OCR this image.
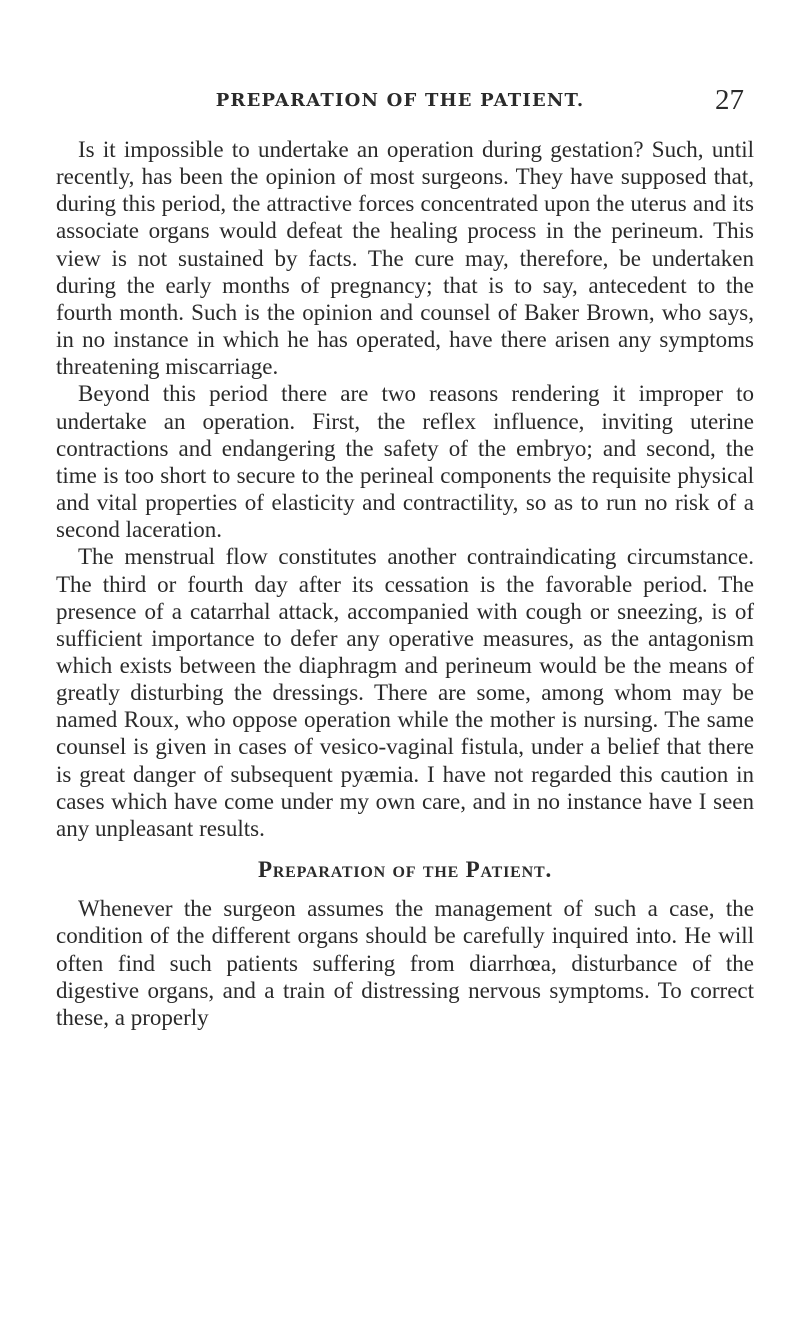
PREPARATION OF THE PATIENT.	27

Is it impossible to undertake an operation during gestation? Such, until recently, has been the opinion of most surgeons. They have supposed that, during this period, the attractive forces concentrated upon the uterus and its associate organs would defeat the healing process in the perineum. This view is not sustained by facts. The cure may, therefore, be undertaken during the early months of pregnancy; that is to say, antecedent to the fourth month. Such is the opinion and counsel of Baker Brown, who says, in no instance in which he has operated, have there arisen any symptoms threatening miscarriage.

Beyond this period there are two reasons rendering it improper to undertake an operation. First, the reflex influence, inviting uterine contractions and endangering the safety of the embryo; and second, the time is too short to secure to the perineal components the requisite physical and vital properties of elasticity and contractility, so as to run no risk of a second laceration.

The menstrual flow constitutes another contraindicating circumstance. The third or fourth day after its cessation is the favorable period. The presence of a catarrhal attack, accompanied with cough or sneezing, is of sufficient importance to defer any operative measures, as the antagonism which exists between the diaphragm and perineum would be the means of greatly disturbing the dressings. There are some, among whom may be named Roux, who oppose operation while the mother is nursing. The same counsel is given in cases of vesico-vaginal fistula, under a belief that there is great danger of subsequent pyæmia. I have not regarded this caution in cases which have come under my own care, and in no instance have I seen any unpleasant results.

Preparation of the Patient.

Whenever the surgeon assumes the management of such a case, the condition of the different organs should be carefully inquired into. He will often find such patients suffering from diarrhœa, disturbance of the digestive organs, and a train of distressing nervous symptoms. To correct these, a properly
